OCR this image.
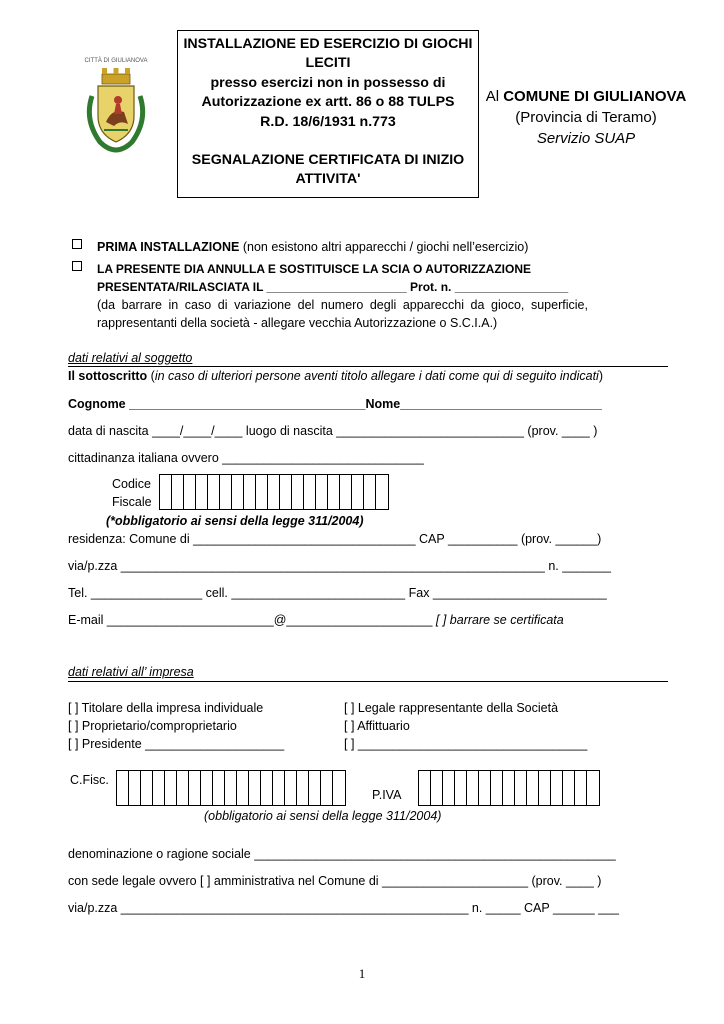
CITTÀ DI GIULIANOVA
INSTALLAZIONE ED ESERCIZIO DI GIOCHI
LECITI
presso esercizi non in possesso di
Autorizzazione ex artt. 86 o 88 TULPS
R.D. 18/6/1931 n.773
SEGNALAZIONE CERTIFICATA DI INIZIO
ATTIVITA'
Al COMUNE DI GIULIANOVA
(Provincia di Teramo)
Servizio SUAP
PRIMA INSTALLAZIONE (non esistono altri apparecchi / giochi nell’esercizio)
LA PRESENTE DIA ANNULLA E SOSTITUISCE LA SCIA O AUTORIZZAZIONE
PRESENTATA/RILASCIATA IL _____________________ Prot. n. _________________
(da barrare in caso di variazione del numero degli apparecchi da gioco, superficie,
rappresentanti della società - allegare vecchia Autorizzazione o S.C.I.A.)
dati relativi al soggetto
Il sottoscritto (in caso di ulteriori persone aventi titolo allegare i dati come qui di seguito indicati)
Cognome __________________________________Nome_____________________________
data di nascita ____/____/____ luogo di nascita ___________________________ (prov. ____ )
cittadinanza italiana ovvero _____________________________
Codice
Fiscale
(*obbligatorio ai sensi della legge 311/2004)
residenza: Comune di ________________________________ CAP __________ (prov. ______)
via/p.zza _____________________________________________________________ n. _______
Tel. ________________ cell. _________________________ Fax _________________________
E-mail ________________________@_____________________ [ ] barrare se certificata
dati relativi all’ impresa
[ ] Titolare della impresa individuale
[ ] Proprietario/comproprietario
[ ] Presidente ____________________
[ ] Legale rappresentante della Società
[ ] Affittuario
[ ] _________________________________
C.Fisc.
P.IVA
(obbligatorio ai sensi della legge 311/2004)
denominazione o ragione sociale ____________________________________________________
con sede legale ovvero [ ] amministrativa nel Comune di _____________________ (prov. ____ )
via/p.zza __________________________________________________ n. _____ CAP ______ ___
1
